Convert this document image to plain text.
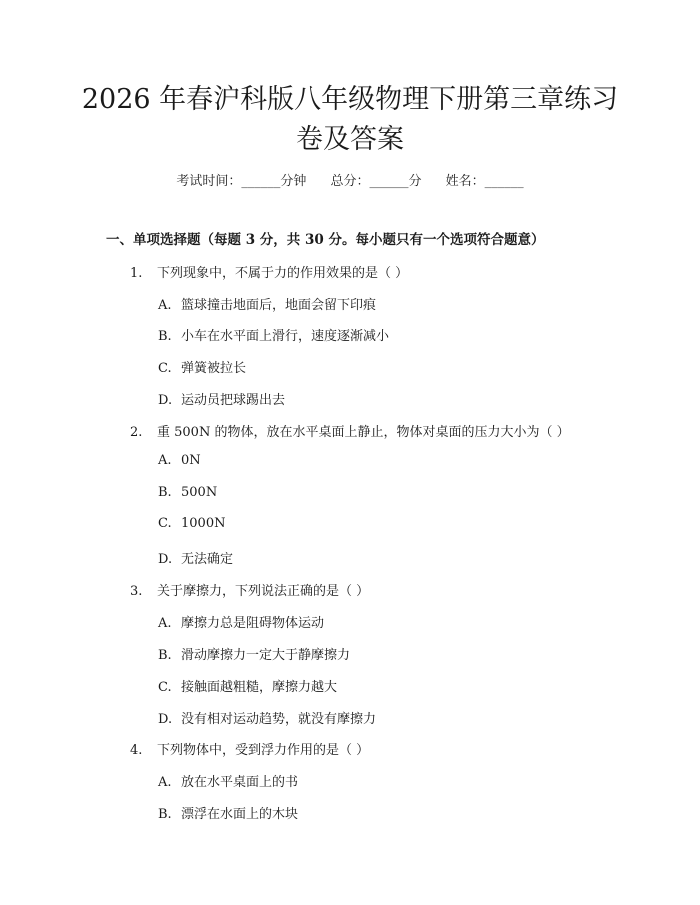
2026 年春沪科版八年级物理下册第三章练习
卷及答案
考试时间：______分钟 总分：______分 姓名：______
一、单项选择题（每题 3 分，共 30 分。每小题只有一个选项符合题意）
1. 下列现象中，不属于力的作用效果的是（ ）
A. 篮球撞击地面后，地面会留下印痕
B. 小车在水平面上滑行，速度逐渐减小
C. 弹簧被拉长
D. 运动员把球踢出去
2. 重 500N 的物体，放在水平桌面上静止，物体对桌面的压力大小为（ ）
A. 0N
B. 500N
C. 1000N
D. 无法确定
3. 关于摩擦力，下列说法正确的是（ ）
A. 摩擦力总是阻碍物体运动
B. 滑动摩擦力一定大于静摩擦力
C. 接触面越粗糙，摩擦力越大
D. 没有相对运动趋势，就没有摩擦力
4. 下列物体中，受到浮力作用的是（ ）
A. 放在水平桌面上的书
B. 漂浮在水面上的木块
